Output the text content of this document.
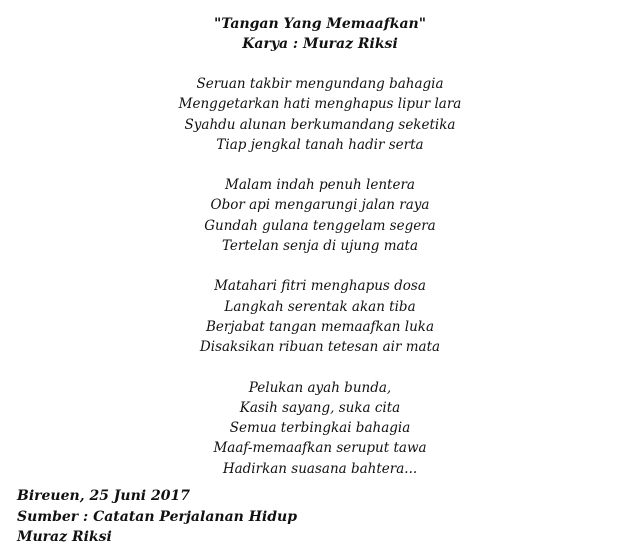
"Tangan Yang Memaafkan"
Karya : Muraz Riksi
Seruan takbir mengundang bahagia
Menggetarkan hati menghapus lipur lara
Syahdu alunan berkumandang seketika
Tiap jengkal tanah hadir serta
Malam indah penuh lentera
Obor api mengarungi jalan raya
Gundah gulana tenggelam segera
Tertelan senja di ujung mata
Matahari fitri menghapus dosa
Langkah serentak akan tiba
Berjabat tangan memaafkan luka
Disaksikan ribuan tetesan air mata
Pelukan ayah bunda,
Kasih sayang, suka cita
Semua terbingkai bahagia
Maaf-memaafkan seruput tawa
Hadirkan suasana bahtera...
Bireuen, 25 Juni 2017
Sumber : Catatan Perjalanan Hidup
Muraz Riksi
